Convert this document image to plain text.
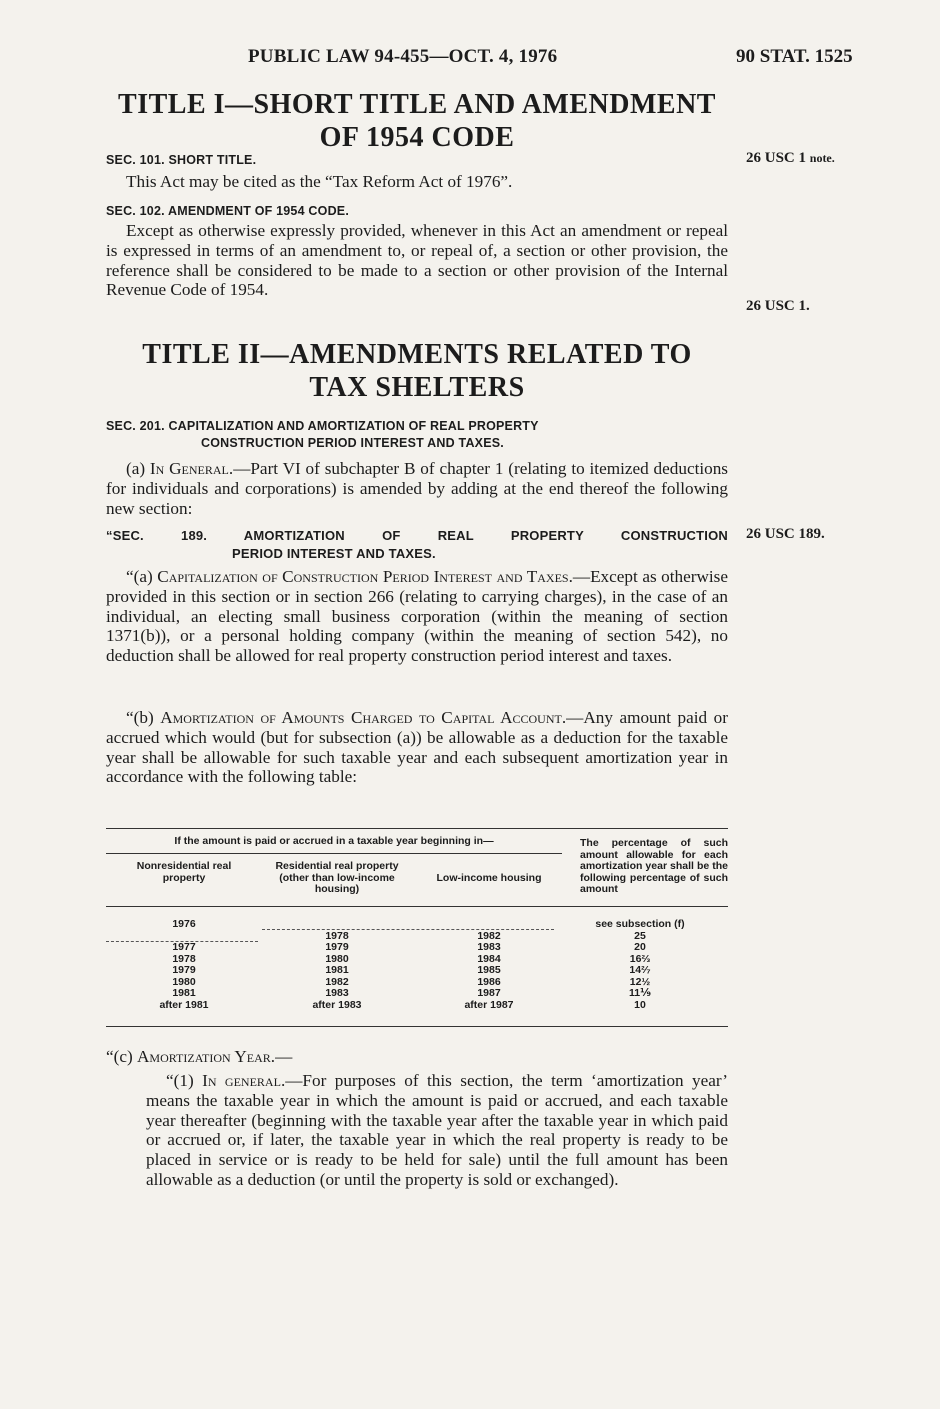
PUBLIC LAW 94-455—OCT. 4, 1976	90 STAT. 1525
TITLE I—SHORT TITLE AND AMENDMENT
OF 1954 CODE
SEC. 101. SHORT TITLE.	26 USC 1 note.
This Act may be cited as the “Tax Reform Act of 1976”.
SEC. 102. AMENDMENT OF 1954 CODE.
Except as otherwise expressly provided, whenever in this Act an amendment or repeal is expressed in terms of an amendment to, or repeal of, a section or other provision, the reference shall be considered to be made to a section or other provision of the Internal Revenue Code of 1954.
26 USC 1.
TITLE II—AMENDMENTS RELATED TO
TAX SHELTERS
SEC. 201. CAPITALIZATION AND AMORTIZATION OF REAL PROPERTY
CONSTRUCTION PERIOD INTEREST AND TAXES.
(a) In General.—Part VI of subchapter B of chapter 1 (relating to itemized deductions for individuals and corporations) is amended by adding at the end thereof the following new section:
“SEC. 189. AMORTIZATION OF REAL PROPERTY CONSTRUCTION
PERIOD INTEREST AND TAXES.
26 USC 189.
“(a) Capitalization of Construction Period Interest and Taxes.—Except as otherwise provided in this section or in section 266 (relating to carrying charges), in the case of an individual, an electing small business corporation (within the meaning of section 1371(b)), or a personal holding company (within the meaning of section 542), no deduction shall be allowed for real property construction period interest and taxes.
“(b) Amortization of Amounts Charged to Capital Account.—Any amount paid or accrued which would (but for subsection (a)) be allowable as a deduction for the taxable year shall be allowable for such taxable year and each subsequent amortization year in accordance with the following table:
If the amount is paid or accrued in a taxable year beginning in—
Nonresidential real property
Residential real property (other than low-income housing)
Low-income housing
The percentage of such amount allowable for each amortization year shall be the following percentage of such amount
1976
1977
1978
1979
1980
1981
after 1981
1978
1979
1980
1981
1982
1983
after 1983
1982
1983
1984
1985
1986
1987
after 1987
see subsection (f)
25
20
16⅔
14²⁄₇
12½
11⅑
10
“(c) Amortization Year.—
“(1) In general.—For purposes of this section, the term ‘amortization year’ means the taxable year in which the amount is paid or accrued, and each taxable year thereafter (beginning with the taxable year after the taxable year in which paid or accrued or, if later, the taxable year in which the real property is ready to be placed in service or is ready to be held for sale) until the full amount has been allowable as a deduction (or until the property is sold or exchanged).
